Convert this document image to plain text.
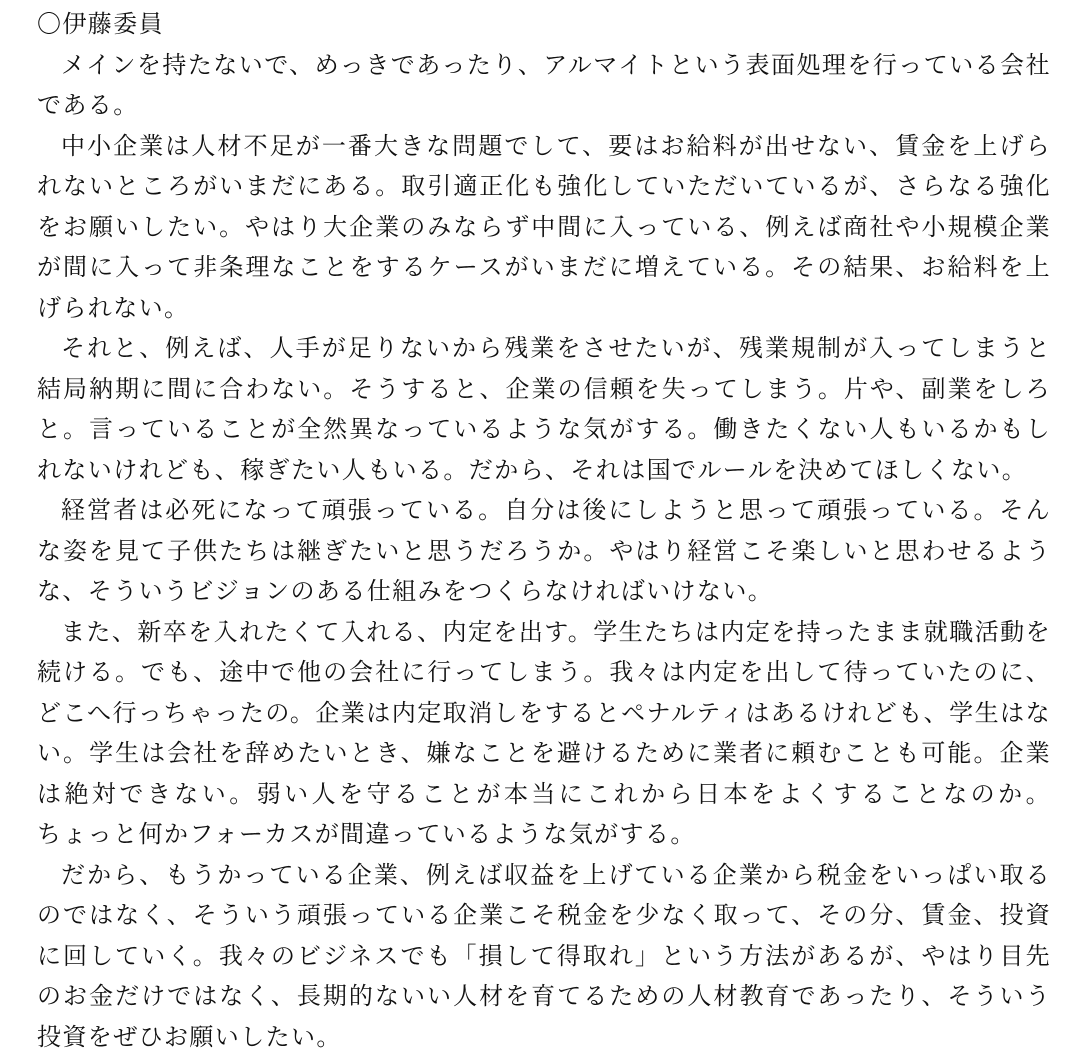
〇伊藤委員

メインを持たないで、めっきであったり、アルマイトという表面処理を行っている会社である。

中小企業は人材不足が一番大きな問題でして、要はお給料が出せない、賃金を上げられないところがいまだにある。取引適正化も強化していただいているが、さらなる強化をお願いしたい。やはり大企業のみならず中間に入っている、例えば商社や小規模企業が間に入って非条理なことをするケースがいまだに増えている。その結果、お給料を上げられない。

それと、例えば、人手が足りないから残業をさせたいが、残業規制が入ってしまうと結局納期に間に合わない。そうすると、企業の信頼を失ってしまう。片や、副業をしろと。言っていることが全然異なっているような気がする。働きたくない人もいるかもしれないけれども、稼ぎたい人もいる。だから、それは国でルールを決めてほしくない。

経営者は必死になって頑張っている。自分は後にしようと思って頑張っている。そんな姿を見て子供たちは継ぎたいと思うだろうか。やはり経営こそ楽しいと思わせるような、そういうビジョンのある仕組みをつくらなければいけない。

また、新卒を入れたくて入れる、内定を出す。学生たちは内定を持ったまま就職活動を続ける。でも、途中で他の会社に行ってしまう。我々は内定を出して待っていたのに、どこへ行っちゃったの。企業は内定取消しをするとペナルティはあるけれども、学生はない。学生は会社を辞めたいとき、嫌なことを避けるために業者に頼むことも可能。企業は絶対できない。弱い人を守ることが本当にこれから日本をよくすることなのか。ちょっと何かフォーカスが間違っているような気がする。

だから、もうかっている企業、例えば収益を上げている企業から税金をいっぱい取るのではなく、そういう頑張っている企業こそ税金を少なく取って、その分、賃金、投資に回していく。我々のビジネスでも「損して得取れ」という方法があるが、やはり目先のお金だけではなく、長期的ないい人材を育てるための人材教育であったり、そういう投資をぜひお願いしたい。
